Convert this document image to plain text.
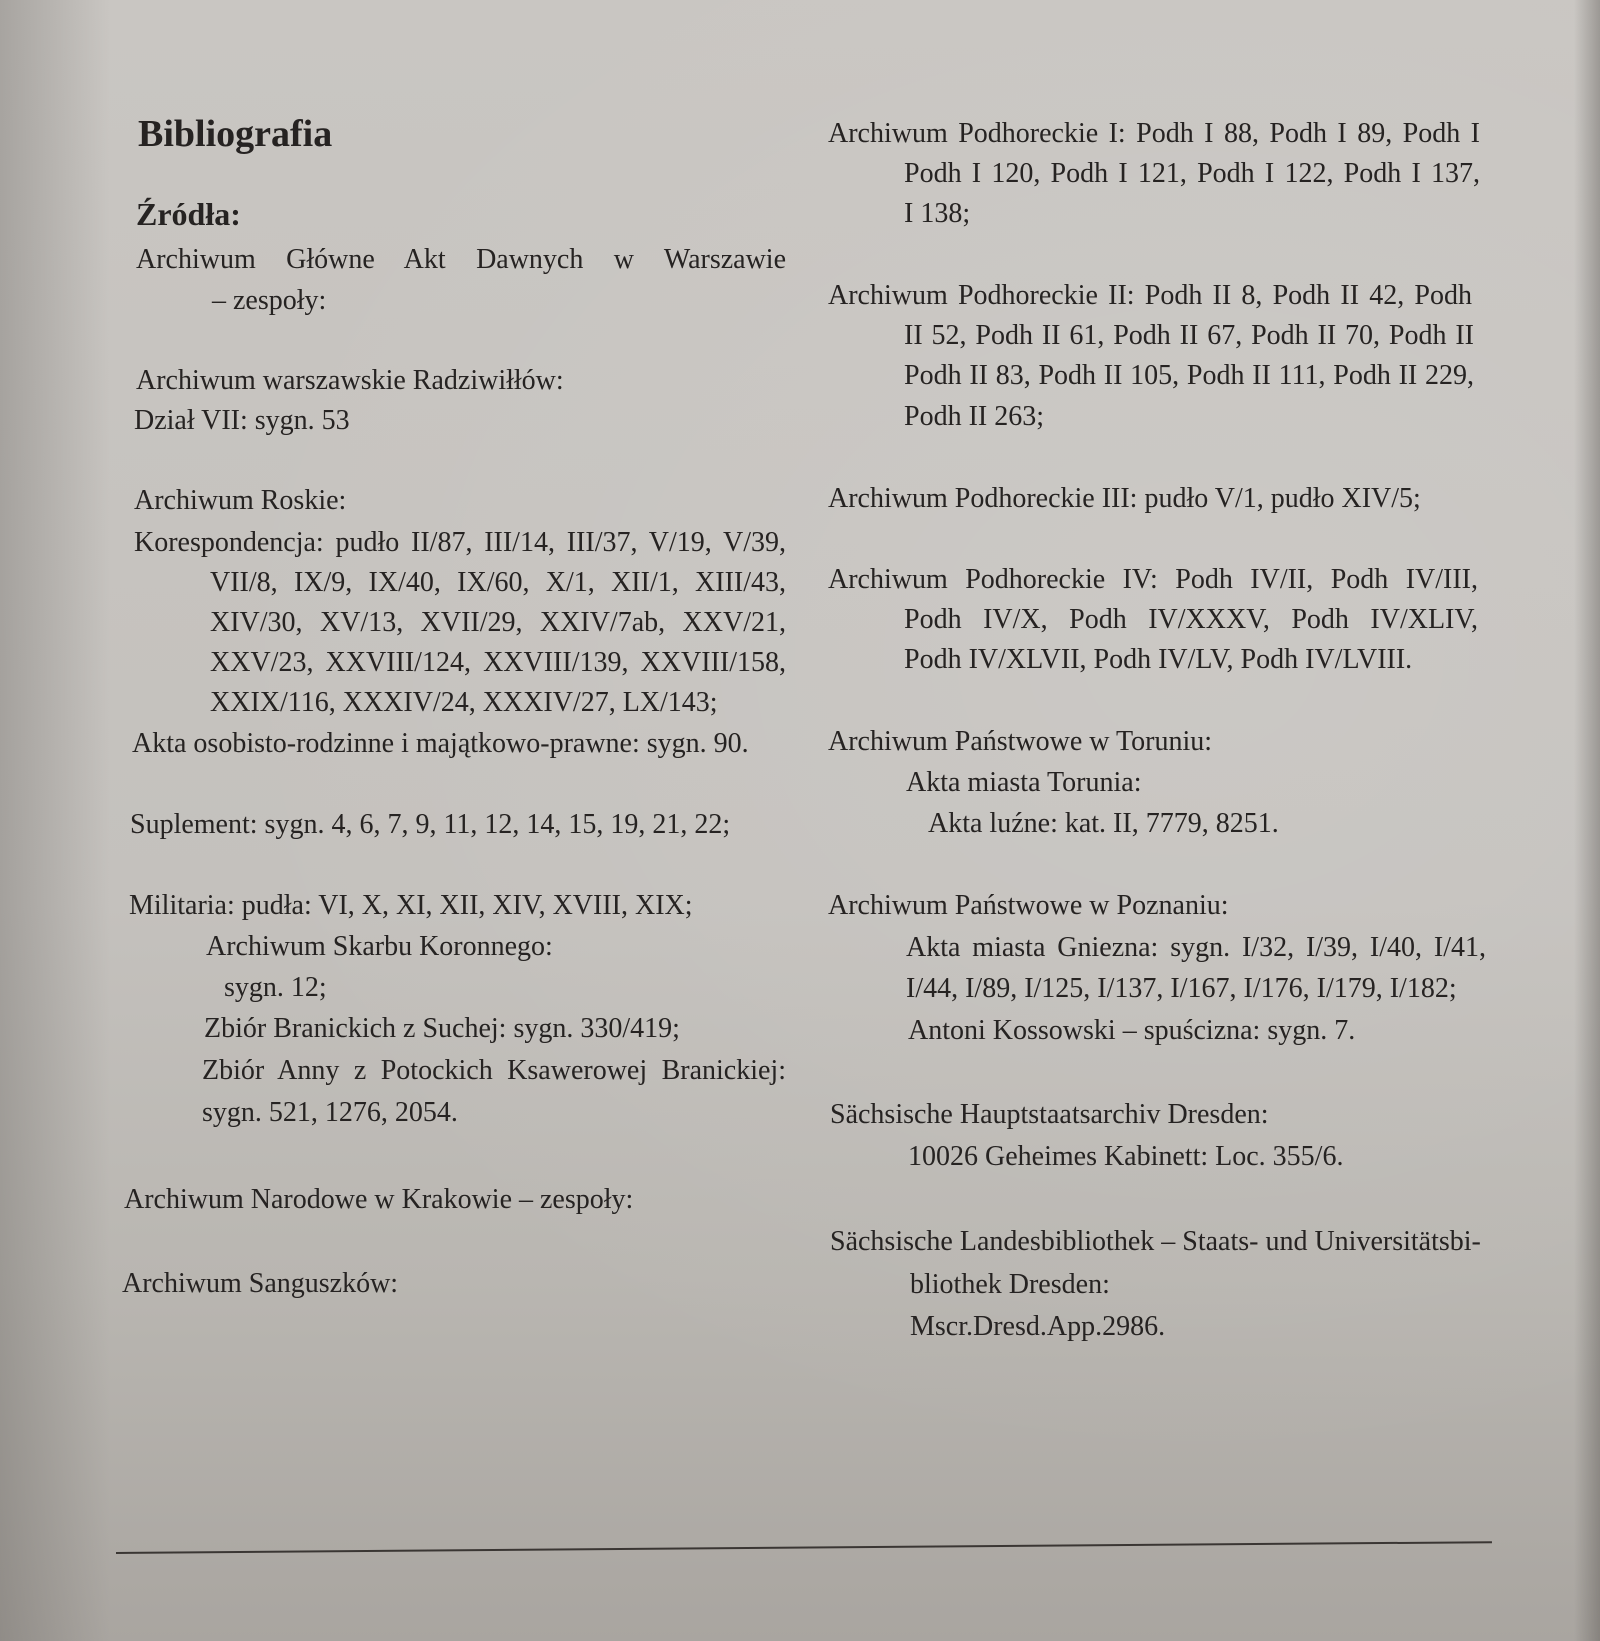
Bibliografia
Źródła:

Archiwum Główne Akt Dawnych w Warszawie

– zespoły:

Archiwum warszawskie Radziwiłłów:

Dział VII: sygn. 53

Archiwum Roskie:

Korespondencja: pudło II/87, III/14, III/37, V/19, V/39,

VII/8, IX/9, IX/40, IX/60, X/1, XII/1, XIII/43,

XIV/30, XV/13, XVII/29, XXIV/7ab, XXV/21,

XXV/23, XXVIII/124, XXVIII/139, XXVIII/158,

XXIX/116, XXXIV/24, XXXIV/27, LX/143;

Akta osobisto-rodzinne i majątkowo-prawne: sygn. 90.

Suplement: sygn. 4, 6, 7, 9, 11, 12, 14, 15, 19, 21, 22;

Militaria: pudła: VI, X, XI, XII, XIV, XVIII, XIX;

Archiwum Skarbu Koronnego:

sygn. 12;

Zbiór Branickich z Suchej: sygn. 330/419;

Zbiór Anny z Potockich Ksawerowej Branickiej:

sygn. 521, 1276, 2054.

Archiwum Narodowe w Krakowie – zespoły:

Archiwum Sanguszków:

Archiwum Podhoreckie I: Podh I 88, Podh I 89, Podh I

Podh I 120, Podh I 121, Podh I 122, Podh I 137,

I 138;

Archiwum Podhoreckie II: Podh II 8, Podh II 42, Podh

II 52, Podh II 61, Podh II 67, Podh II 70, Podh II

Podh II 83, Podh II 105, Podh II 111, Podh II 229,

Podh II 263;

Archiwum Podhoreckie III: pudło V/1, pudło XIV/5;

Archiwum Podhoreckie IV: Podh IV/II, Podh IV/III,

Podh IV/X, Podh IV/XXXV, Podh IV/XLIV,

Podh IV/XLVII, Podh IV/LV, Podh IV/LVIII.

Archiwum Państwowe w Toruniu:

Akta miasta Torunia:

Akta luźne: kat. II, 7779, 8251.

Archiwum Państwowe w Poznaniu:

Akta miasta Gniezna: sygn. I/32, I/39, I/40, I/41,

I/44, I/89, I/125, I/137, I/167, I/176, I/179, I/182;

Antoni Kossowski – spuścizna: sygn. 7.

Sächsische Hauptstaatsarchiv Dresden:

10026 Geheimes Kabinett: Loc. 355/6.

Sächsische Landesbibliothek – Staats- und Universitätsbi-

bliothek Dresden:

Mscr.Dresd.App.2986.
